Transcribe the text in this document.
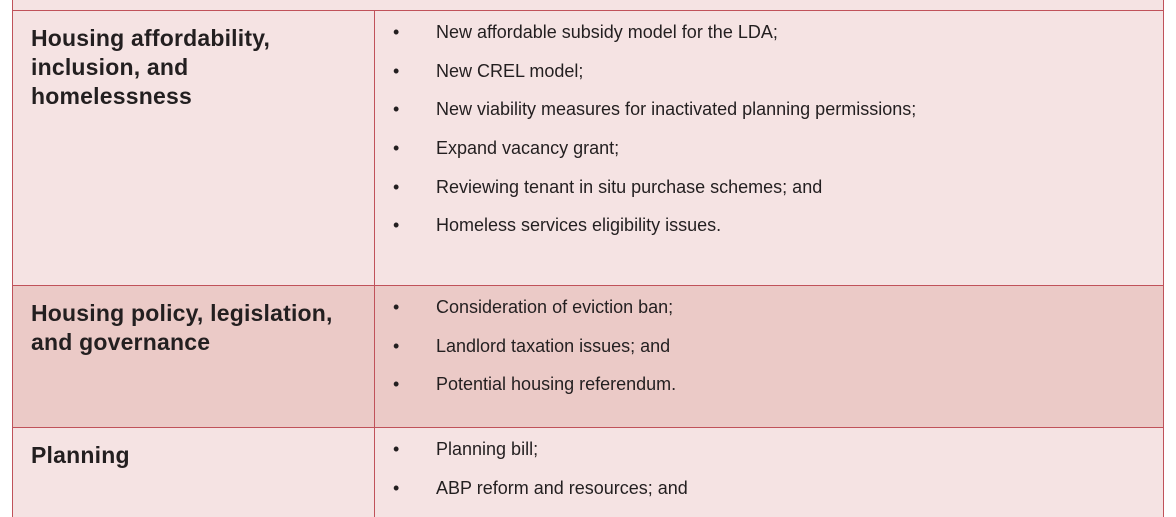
Housing affordability,
inclusion, and
homelessness

• New affordable subsidy model for the LDA;
• New CREL model;
• New viability measures for inactivated planning permissions;
• Expand vacancy grant;
• Reviewing tenant in situ purchase schemes; and
• Homeless services eligibility issues.

Housing policy, legislation,
and governance

• Consideration of eviction ban;
• Landlord taxation issues; and
• Potential housing referendum.

Planning	• Planning bill;
• ABP reform and resources; and
